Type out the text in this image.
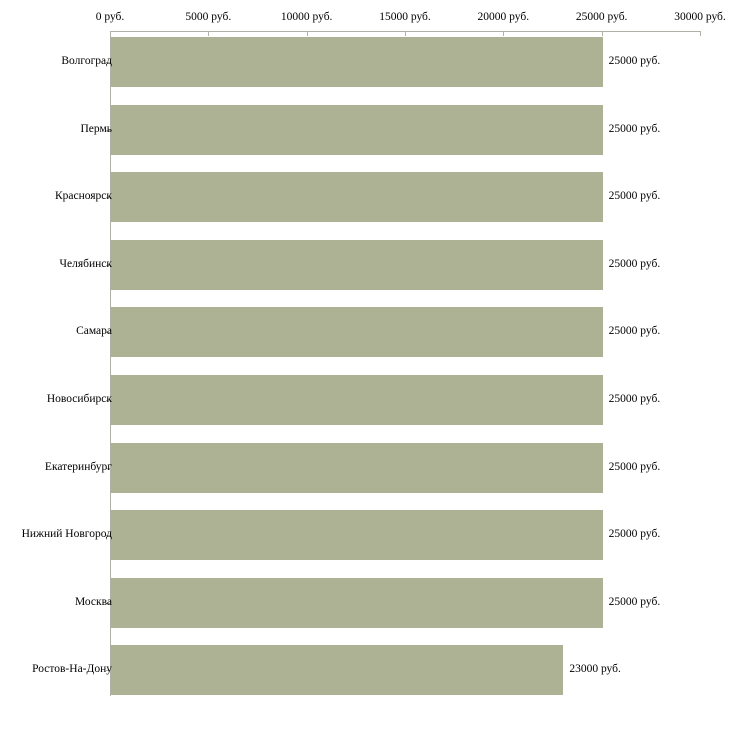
0 руб.	5000 руб.	10000 руб.	15000 руб.	20000 руб.	25000 руб.	30000 руб.
Волгоград	25000 руб.
Пермь	25000 руб.
Красноярск	25000 руб.
Челябинск	25000 руб.
Самара	25000 руб.
Новосибирск	25000 руб.
Екатеринбург	25000 руб.
Нижний Новгород	25000 руб.
Москва	25000 руб.
Ростов-На-Дону	23000 руб.
